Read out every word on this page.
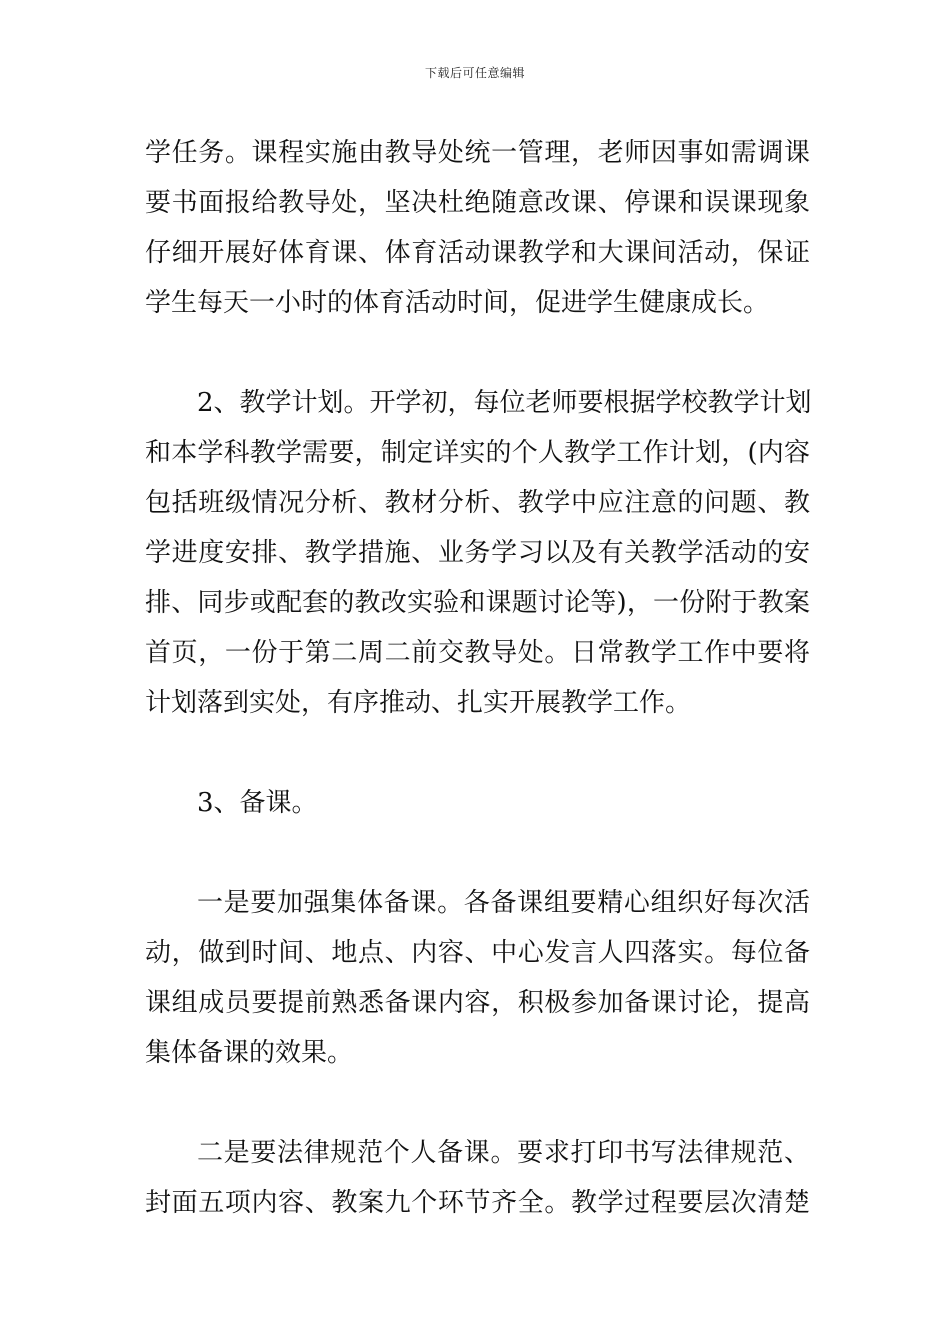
下载后可任意编辑

学任务。课程实施由教导处统一管理，老师因事如需调课
要书面报给教导处，坚决杜绝随意改课、停课和误课现象
仔细开展好体育课、体育活动课教学和大课间活动，保证
学生每天一小时的体育活动时间，促进学生健康成长。

2、教学计划。开学初，每位老师要根据学校教学计划
和本学科教学需要，制定详实的个人教学工作计划，(内容
包括班级情况分析、教材分析、教学中应注意的问题、教
学进度安排、教学措施、业务学习以及有关教学活动的安
排、同步或配套的教改实验和课题讨论等)，一份附于教案
首页，一份于第二周二前交教导处。日常教学工作中要将
计划落到实处，有序推动、扎实开展教学工作。

3、备课。

一是要加强集体备课。各备课组要精心组织好每次活
动，做到时间、地点、内容、中心发言人四落实。每位备
课组成员要提前熟悉备课内容，积极参加备课讨论，提高
集体备课的效果。

二是要法律规范个人备课。要求打印书写法律规范、
封面五项内容、教案九个环节齐全。教学过程要层次清楚
